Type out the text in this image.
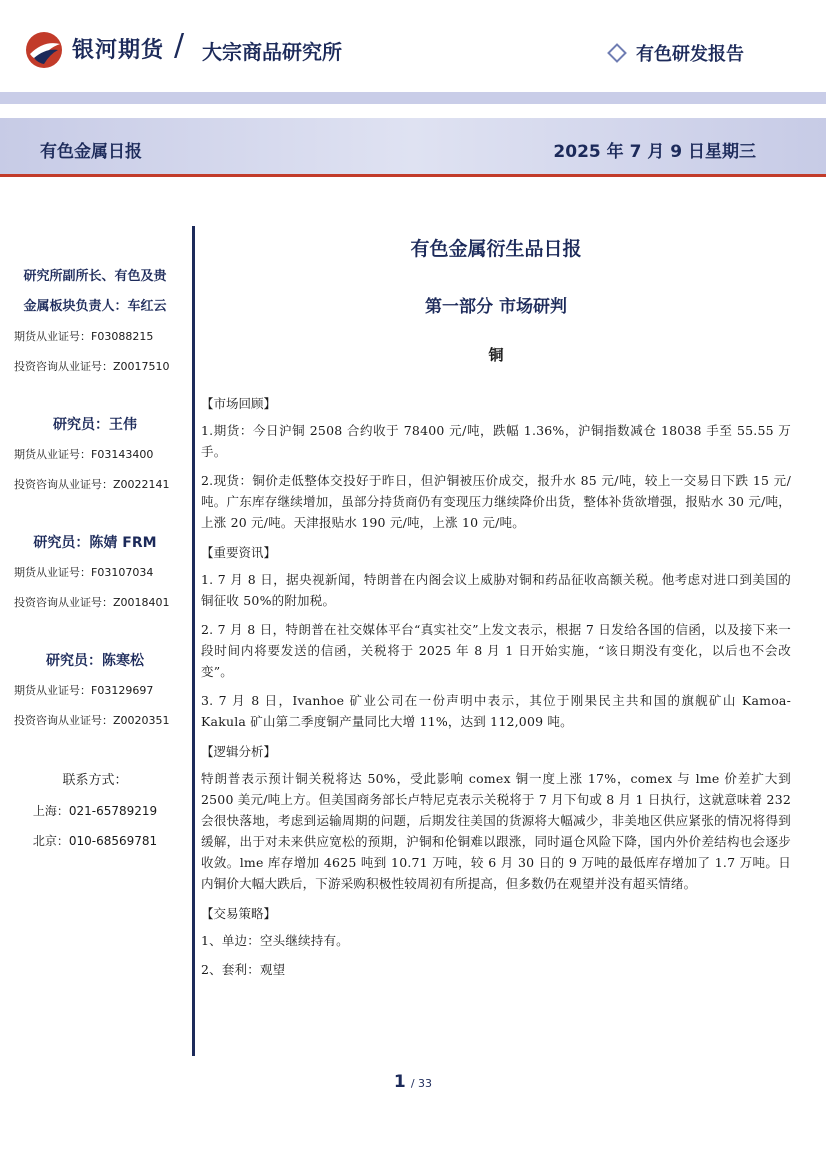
银河期货 / 大宗商品研究所	有色研发报告
有色金属日报	2025 年 7 月 9 日星期三
研究所副所长、有色及贵
金属板块负责人：车红云
期货从业证号：F03088215
投资咨询从业证号：Z0017510
研究员：王伟
期货从业证号：F03143400
投资咨询从业证号：Z0022141
研究员：陈婧 FRM
期货从业证号：F03107034
投资咨询从业证号：Z0018401
研究员：陈寒松
期货从业证号：F03129697
投资咨询从业证号：Z0020351
联系方式：
上海：021-65789219
北京：010-68569781
有色金属衍生品日报
第一部分 市场研判
铜
【市场回顾】

1.期货：今日沪铜 2508 合约收于 78400 元/吨，跌幅 1.36%，沪铜指数减仓 18038 手至 55.55 万手。

2.现货：铜价走低整体交投好于昨日，但沪铜被压价成交，报升水 85 元/吨，较上一交易日下跌 15 元/吨。广东库存继续增加，虽部分持货商仍有变现压力继续降价出货，整体补货欲增强，报贴水 30 元/吨，上涨 20 元/吨。天津报贴水 190 元/吨，上涨 10 元/吨。

【重要资讯】

1. 7 月 8 日，据央视新闻，特朗普在内阁会议上威胁对铜和药品征收高额关税。他考虑对进口到美国的铜征收 50%的附加税。

2. 7 月 8 日，特朗普在社交媒体平台“真实社交”上发文表示，根据 7 日发给各国的信函，以及接下来一段时间内将要发送的信函，关税将于 2025 年 8 月 1 日开始实施，“该日期没有变化，以后也不会改变”。

3. 7 月 8 日，Ivanhoe 矿业公司在一份声明中表示，其位于刚果民主共和国的旗舰矿山 Kamoa-Kakula 矿山第二季度铜产量同比大增 11%，达到 112,009 吨。

【逻辑分析】

特朗普表示预计铜关税将达 50%，受此影响 comex 铜一度上涨 17%，comex 与 lme 价差扩大到 2500 美元/吨上方。但美国商务部长卢特尼克表示关税将于 7 月下旬或 8 月 1 日执行，这就意味着 232 会很快落地，考虑到运输周期的问题，后期发往美国的货源将大幅减少，非美地区供应紧张的情况将得到缓解，出于对未来供应宽松的预期，沪铜和伦铜难以跟涨，同时逼仓风险下降，国内外价差结构也会逐步收敛。lme 库存增加 4625 吨到 10.71 万吨，较 6 月 30 日的 9 万吨的最低库存增加了 1.7 万吨。日内铜价大幅大跌后，下游采购积极性较周初有所提高，但多数仍在观望并没有超买情绪。

【交易策略】

1、单边：空头继续持有。

2、套利：观望

1 / 33
